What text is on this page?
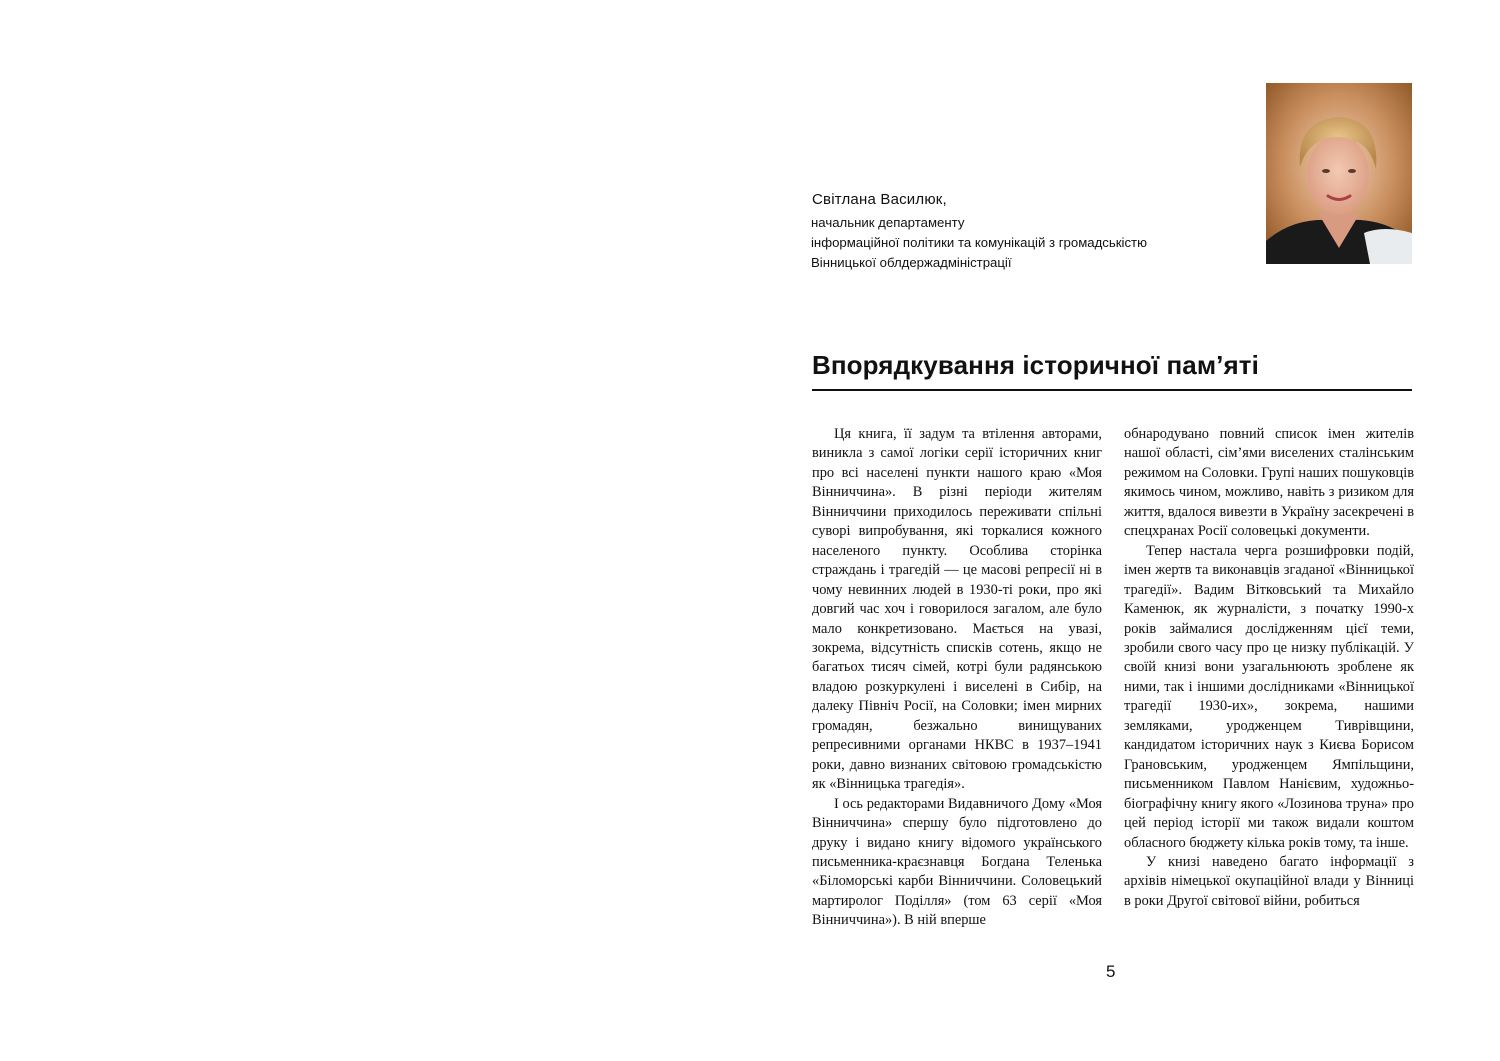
Світлана Василюк,
начальник департаменту
інформаційної політики та комунікацій з громадськістю
Вінницької облдержадміністрації
Впорядкування історичної пам’яті

Ця книга, її задум та втілення авторами, виникла з самої логіки серії історичних книг про всі населені пункти нашого краю «Моя Вінниччина». В різні періоди жителям Вінниччини приходилось переживати спільні суворі випробування, які торкалися кожного населеного пункту. Особлива сторінка страждань і трагедій — це масові репресії ні в чому невинних людей в 1930-ті роки, про які довгий час хоч і говорилося загалом, але було мало конкретизовано. Мається на увазі, зокрема, відсутність списків сотень, якщо не багатьох тисяч сімей, котрі були радянською владою розкуркулені і виселені в Сибір, на далеку Північ Росії, на Соловки; імен мирних громадян, безжально винищуваних репресивними органами НКВС в 1937–1941 роки, давно визнаних світовою громадськістю як «Вінницька трагедія».

І ось редакторами Видавничого Дому «Моя Вінниччина» спершу було підготовлено до друку і видано книгу відомого українського письменника-краєзнавця Богдана Теленька «Біломорські карби Вінниччини. Соловецький мартиролог Поділля» (том 63 серії «Моя Вінниччина»). В ній вперше

обнародувано повний список імен жителів нашої області, сім’ями виселених сталінським режимом на Соловки. Групі наших пошуковців якимось чином, можливо, навіть з ризиком для життя, вдалося вивезти в Україну засекречені в спецхранах Росії соловецькі документи.

Тепер настала черга розшифровки подій, імен жертв та виконавців згаданої «Вінницької трагедії». Вадим Вітковський та Михайло Каменюк, як журналісти, з початку 1990-х років займалися дослідженням цієї теми, зробили свого часу про це низку публікацій. У своїй книзі вони узагальнюють зроблене як ними, так і іншими дослідниками «Вінницької трагедії 1930-их», зокрема, нашими земляками, уродженцем Тиврівщини, кандидатом історичних наук з Києва Борисом Грановським, уродженцем Ямпільщини, письменником Павлом Нанієвим, художньо-біографічну книгу якого «Лозинова труна» про цей період історії ми також видали коштом обласного бюджету кілька років тому, та інше.

У книзі наведено багато інформації з архівів німецької окупаційної влади у Вінниці в роки Другої світової війни, робиться

5
